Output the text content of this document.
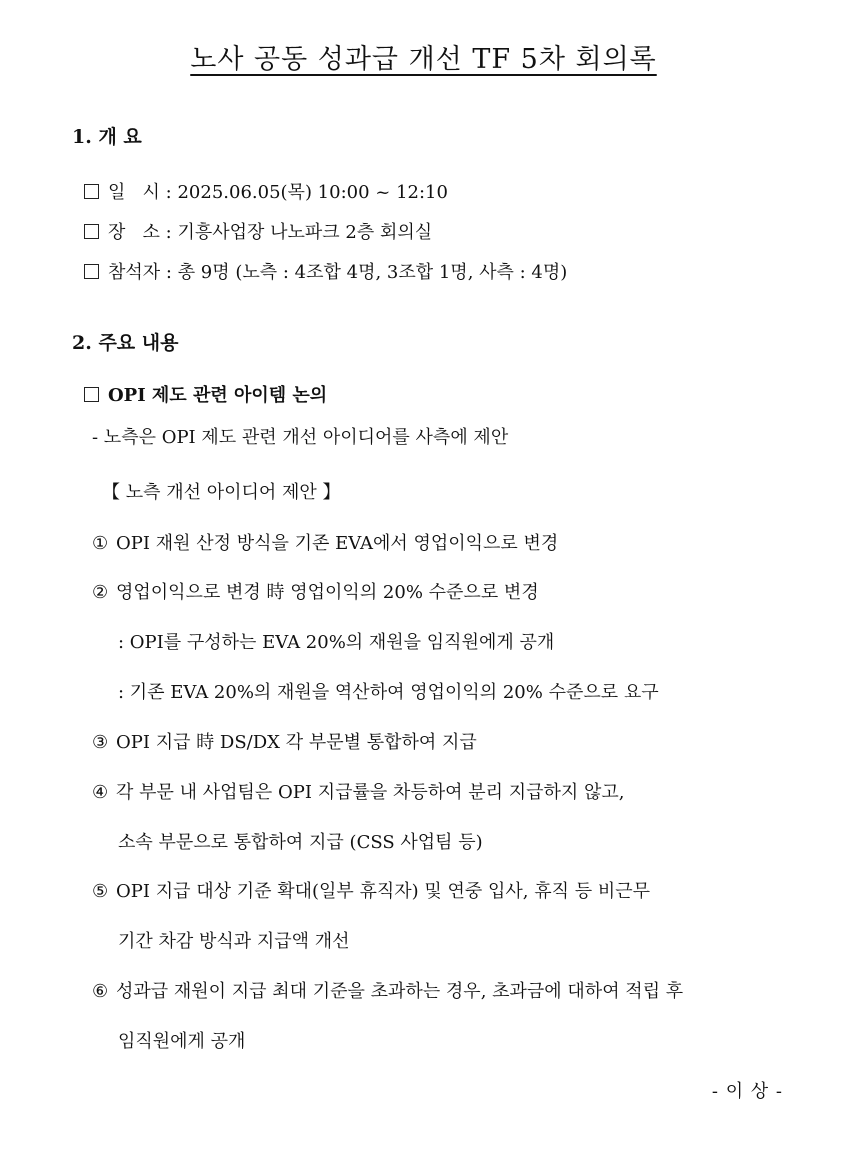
노사 공동 성과급 개선 TF 5차 회의록
1. 개 요
일   시 : 2025.06.05(목) 10:00 ~ 12:10
장   소 : 기흥사업장 나노파크 2층 회의실
참석자 : 총 9명 (노측 : 4조합 4명, 3조합 1명, 사측 : 4명)
2. 주요 내용
OPI 제도 관련 아이템 논의
- 노측은 OPI 제도 관련 개선 아이디어를 사측에 제안
【 노측 개선 아이디어 제안 】
① OPI 재원 산정 방식을 기존 EVA에서 영업이익으로 변경
② 영업이익으로 변경 時 영업이익의 20% 수준으로 변경
: OPI를 구성하는 EVA 20%의 재원을 임직원에게 공개
: 기존 EVA 20%의 재원을 역산하여 영업이익의 20% 수준으로 요구
③ OPI 지급 時 DS/DX 각 부문별 통합하여 지급
④ 각 부문 내 사업팀은 OPI 지급률을 차등하여 분리 지급하지 않고,
소속 부문으로 통합하여 지급 (CSS 사업팀 등)
⑤ OPI 지급 대상 기준 확대(일부 휴직자) 및 연중 입사, 휴직 등 비근무
기간 차감 방식과 지급액 개선
⑥ 성과급 재원이 지급 최대 기준을 초과하는 경우, 초과금에 대하여 적립 후
임직원에게 공개
- 이 상 -
